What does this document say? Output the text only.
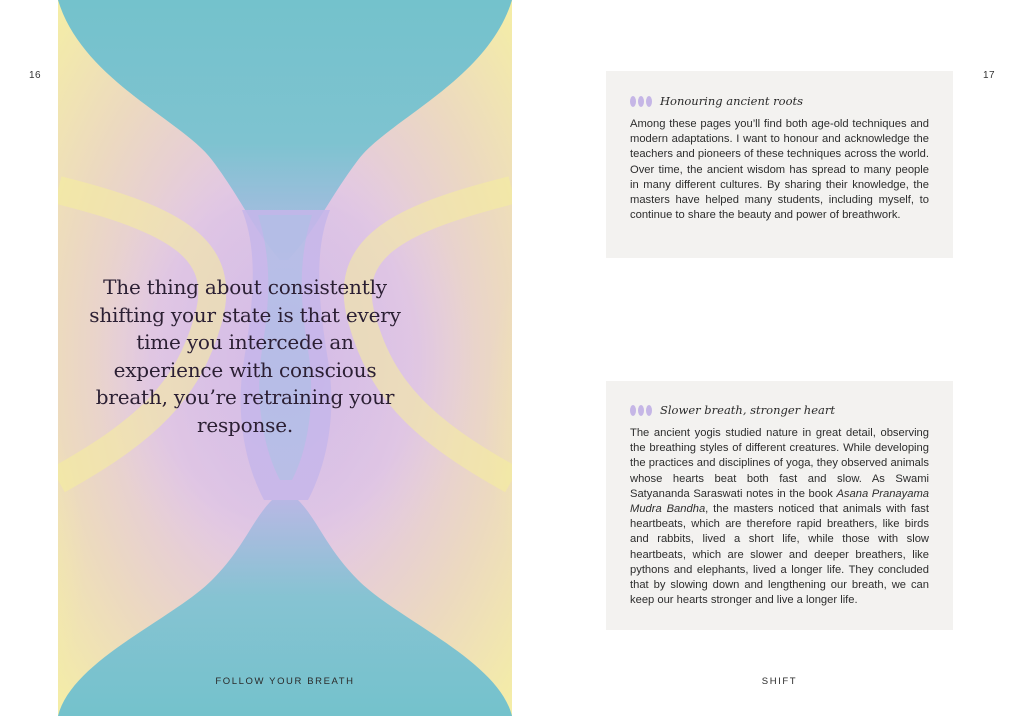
16	17
The thing about consistently shifting your state is that every time you intercede an experience with conscious breath, you’re retraining your response.
FOLLOW YOUR BREATH	SHIFT
Honouring ancient roots
Among these pages you’ll find both age-old techniques and modern adaptations. I want to honour and acknowledge the teachers and pioneers of these techniques across the world. Over time, the ancient wisdom has spread to many people in many different cultures. By sharing their knowledge, the masters have helped many students, including myself, to continue to share the beauty and power of breathwork.
Slower breath, stronger heart
The ancient yogis studied nature in great detail, observing the breathing styles of different creatures. While developing the practices and disciplines of yoga, they observed animals whose hearts beat both fast and slow. As Swami Satyananda Saraswati notes in the book Asana Pranayama Mudra Bandha, the masters noticed that animals with fast heartbeats, which are therefore rapid breathers, like birds and rabbits, lived a short life, while those with slow heartbeats, which are slower and deeper breathers, like pythons and elephants, lived a longer life. They concluded that by slowing down and lengthening our breath, we can keep our hearts stronger and live a longer life.
